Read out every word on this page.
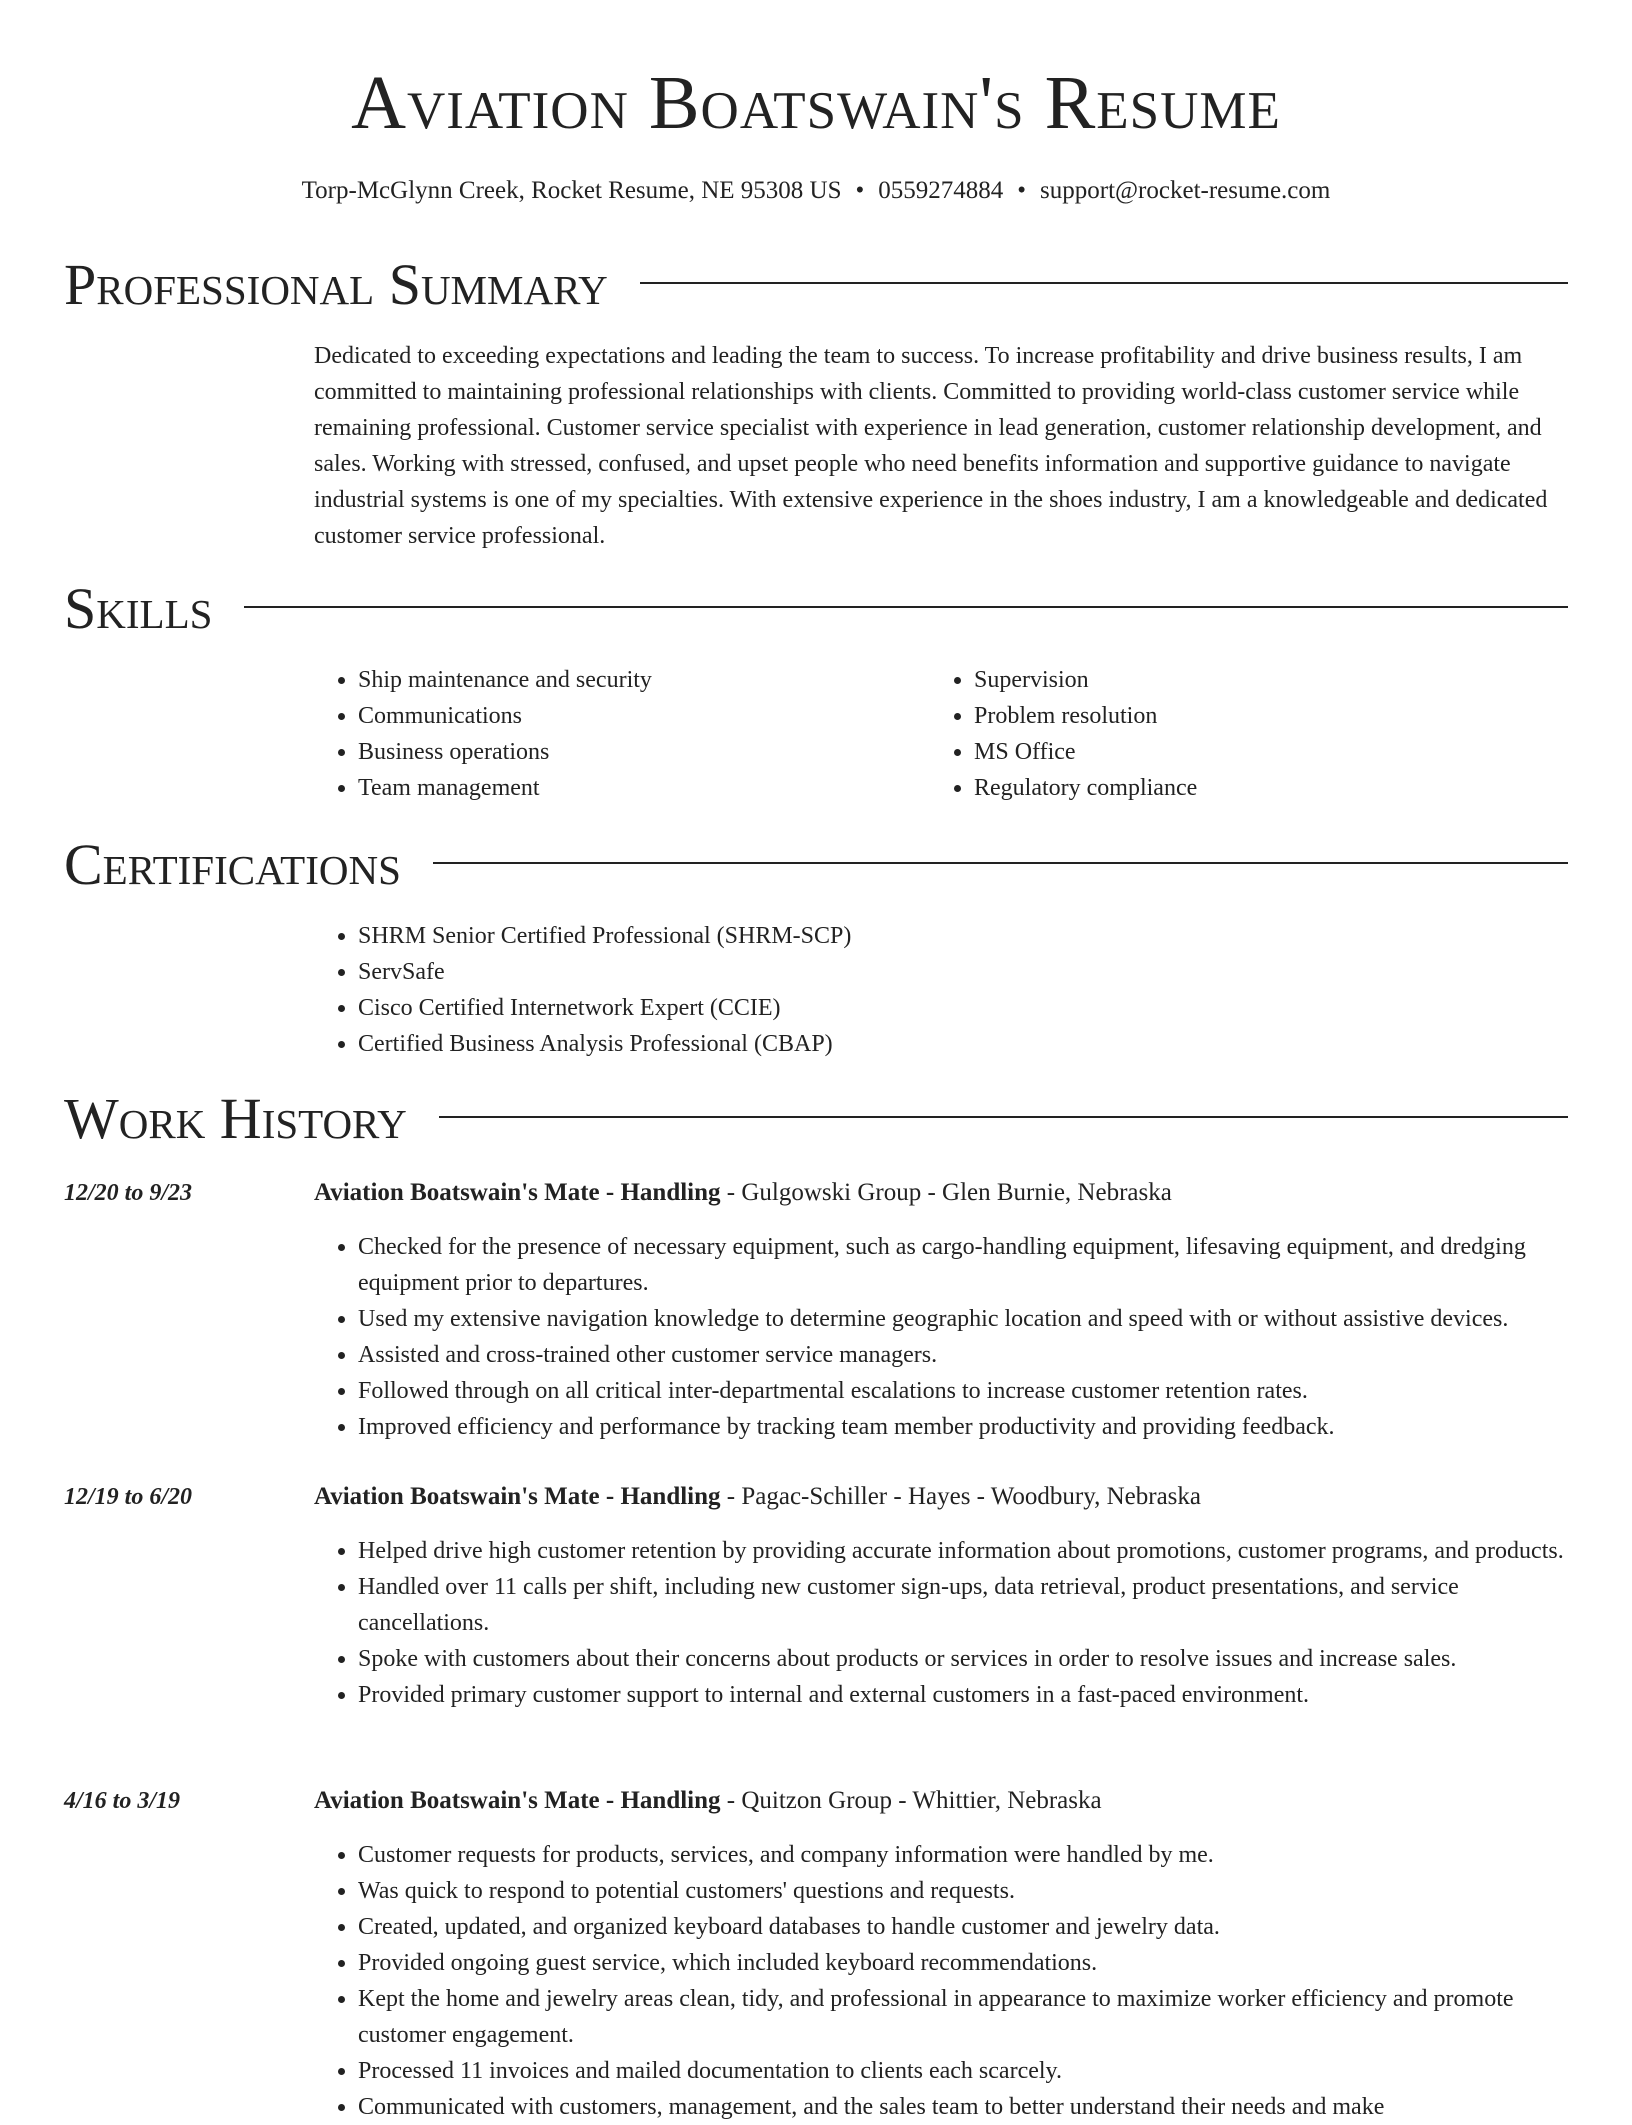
Aviation Boatswain's Resume
Torp-McGlynn Creek, Rocket Resume, NE 95308 US • 0559274884 • support@rocket-resume.com
Professional Summary

Dedicated to exceeding expectations and leading the team to success. To increase profitability and drive business results, I am committed to maintaining professional relationships with clients. Committed to providing world-class customer service while remaining professional. Customer service specialist with experience in lead generation, customer relationship development, and sales. Working with stressed, confused, and upset people who need benefits information and supportive guidance to navigate industrial systems is one of my specialties. With extensive experience in the shoes industry, I am a knowledgeable and dedicated customer service professional.

Skills
• Ship maintenance and security
• Communications
• Business operations
• Team management
• Supervision
• Problem resolution
• MS Office
• Regulatory compliance
Certifications
• SHRM Senior Certified Professional (SHRM-SCP)
• ServSafe
• Cisco Certified Internetwork Expert (CCIE)
• Certified Business Analysis Professional (CBAP)
Work History
12/20 to 9/23	Aviation Boatswain's Mate - Handling - Gulgowski Group - Glen Burnie, Nebraska
• Checked for the presence of necessary equipment, such as cargo-handling equipment, lifesaving equipment, and dredging equipment prior to departures.
• Used my extensive navigation knowledge to determine geographic location and speed with or without assistive devices.
• Assisted and cross-trained other customer service managers.
• Followed through on all critical inter-departmental escalations to increase customer retention rates.
• Improved efficiency and performance by tracking team member productivity and providing feedback.
12/19 to 6/20	Aviation Boatswain's Mate - Handling - Pagac-Schiller - Hayes - Woodbury, Nebraska
• Helped drive high customer retention by providing accurate information about promotions, customer programs, and products.
• Handled over 11 calls per shift, including new customer sign-ups, data retrieval, product presentations, and service cancellations.
• Spoke with customers about their concerns about products or services in order to resolve issues and increase sales.
• Provided primary customer support to internal and external customers in a fast-paced environment.
4/16 to 3/19	Aviation Boatswain's Mate - Handling - Quitzon Group - Whittier, Nebraska
• Customer requests for products, services, and company information were handled by me.
• Was quick to respond to potential customers' questions and requests.
• Created, updated, and organized keyboard databases to handle customer and jewelry data.
• Provided ongoing guest service, which included keyboard recommendations.
• Kept the home and jewelry areas clean, tidy, and professional in appearance to maximize worker efficiency and promote customer engagement.
• Processed 11 invoices and mailed documentation to clients each scarcely.
• Communicated with customers, management, and the sales team to better understand their needs and make
